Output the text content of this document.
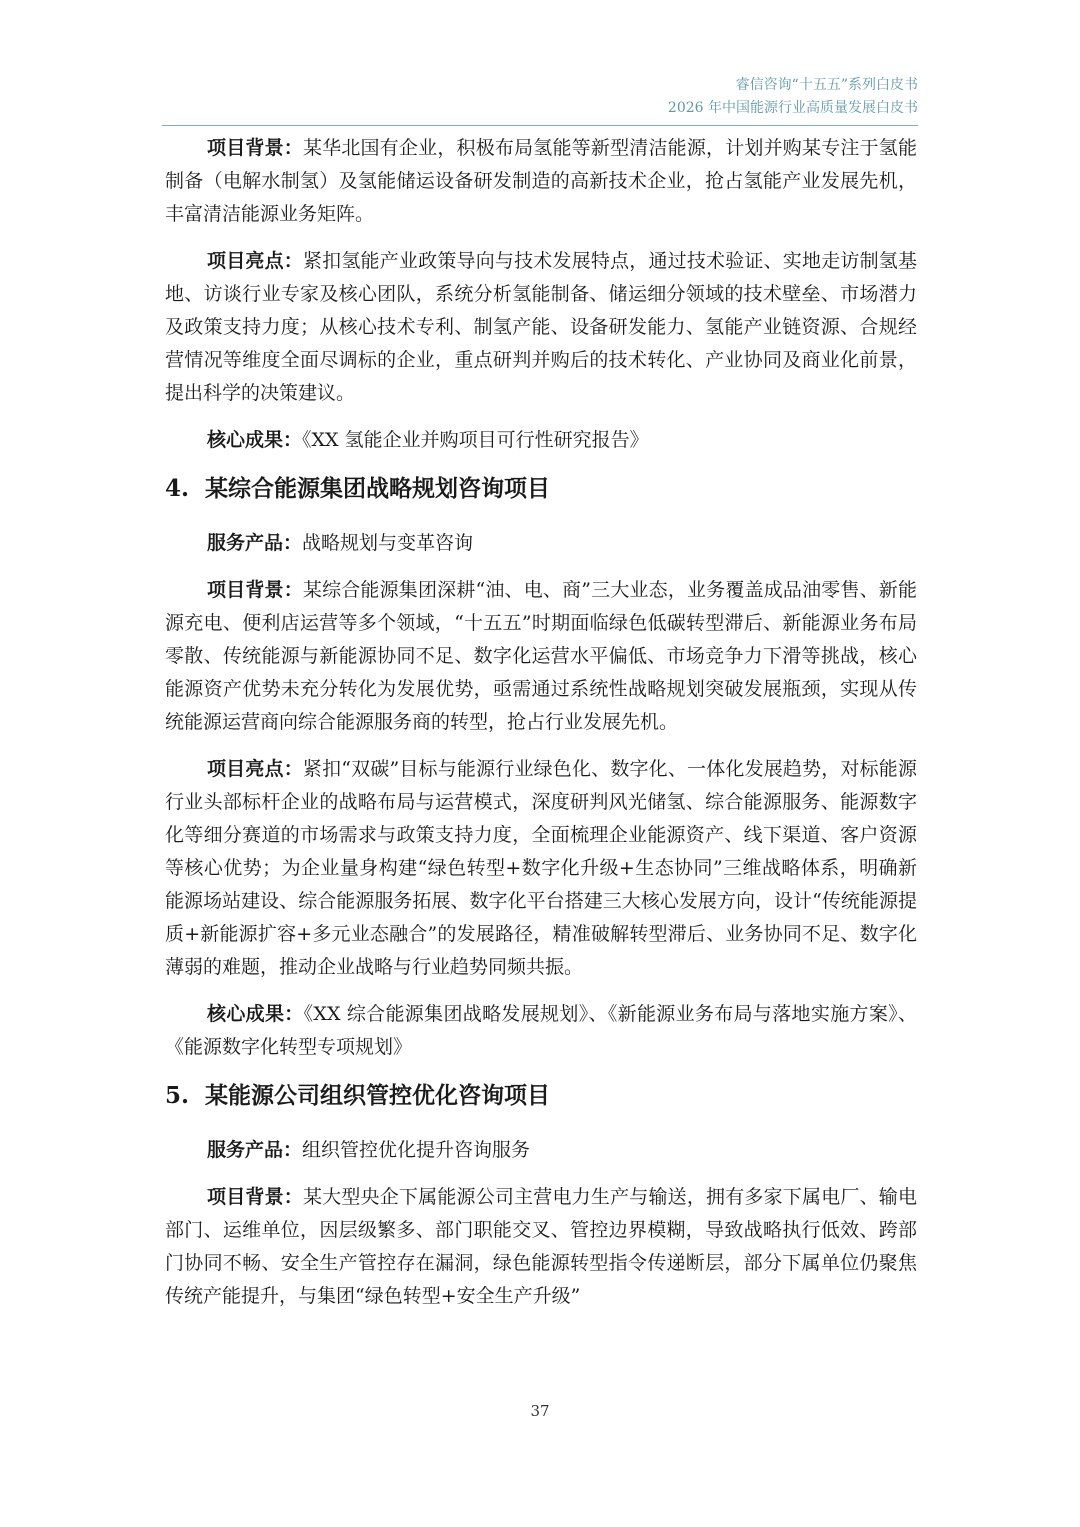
睿信咨询“十五五”系列白皮书
2026 年中国能源行业高质量发展白皮书

项目背景：某华北国有企业，积极布局氢能等新型清洁能源，计划并购某专注于氢能制备（电解水制氢）及氢能储运设备研发制造的高新技术企业，抢占氢能产业发展先机，丰富清洁能源业务矩阵。

项目亮点：紧扣氢能产业政策导向与技术发展特点，通过技术验证、实地走访制氢基地、访谈行业专家及核心团队，系统分析氢能制备、储运细分领域的技术壁垒、市场潜力及政策支持力度；从核心技术专利、制氢产能、设备研发能力、氢能产业链资源、合规经营情况等维度全面尽调标的企业，重点研判并购后的技术转化、产业协同及商业化前景，提出科学的决策建议。

核心成果：《XX 氢能企业并购项目可行性研究报告》

4. 某综合能源集团战略规划咨询项目

服务产品：战略规划与变革咨询

项目背景：某综合能源集团深耕“油、电、商”三大业态，业务覆盖成品油零售、新能源充电、便利店运营等多个领域，“十五五”时期面临绿色低碳转型滞后、新能源业务布局零散、传统能源与新能源协同不足、数字化运营水平偏低、市场竞争力下滑等挑战，核心能源资产优势未充分转化为发展优势，亟需通过系统性战略规划突破发展瓶颈，实现从传统能源运营商向综合能源服务商的转型，抢占行业发展先机。

项目亮点：紧扣“双碳”目标与能源行业绿色化、数字化、一体化发展趋势，对标能源行业头部标杆企业的战略布局与运营模式，深度研判风光储氢、综合能源服务、能源数字化等细分赛道的市场需求与政策支持力度，全面梳理企业能源资产、线下渠道、客户资源等核心优势；为企业量身构建“绿色转型+数字化升级+生态协同”三维战略体系，明确新能源场站建设、综合能源服务拓展、数字化平台搭建三大核心发展方向，设计“传统能源提质+新能源扩容+多元业态融合”的发展路径，精准破解转型滞后、业务协同不足、数字化薄弱的难题，推动企业战略与行业趋势同频共振。

核心成果：《XX 综合能源集团战略发展规划》、《新能源业务布局与落地实施方案》、《能源数字化转型专项规划》

5. 某能源公司组织管控优化咨询项目

服务产品：组织管控优化提升咨询服务

项目背景：某大型央企下属能源公司主营电力生产与输送，拥有多家下属电厂、输电部门、运维单位，因层级繁多、部门职能交叉、管控边界模糊，导致战略执行低效、跨部门协同不畅、安全生产管控存在漏洞，绿色能源转型指令传递断层，部分下属单位仍聚焦传统产能提升，与集团“绿色转型+安全生产升级”

37
